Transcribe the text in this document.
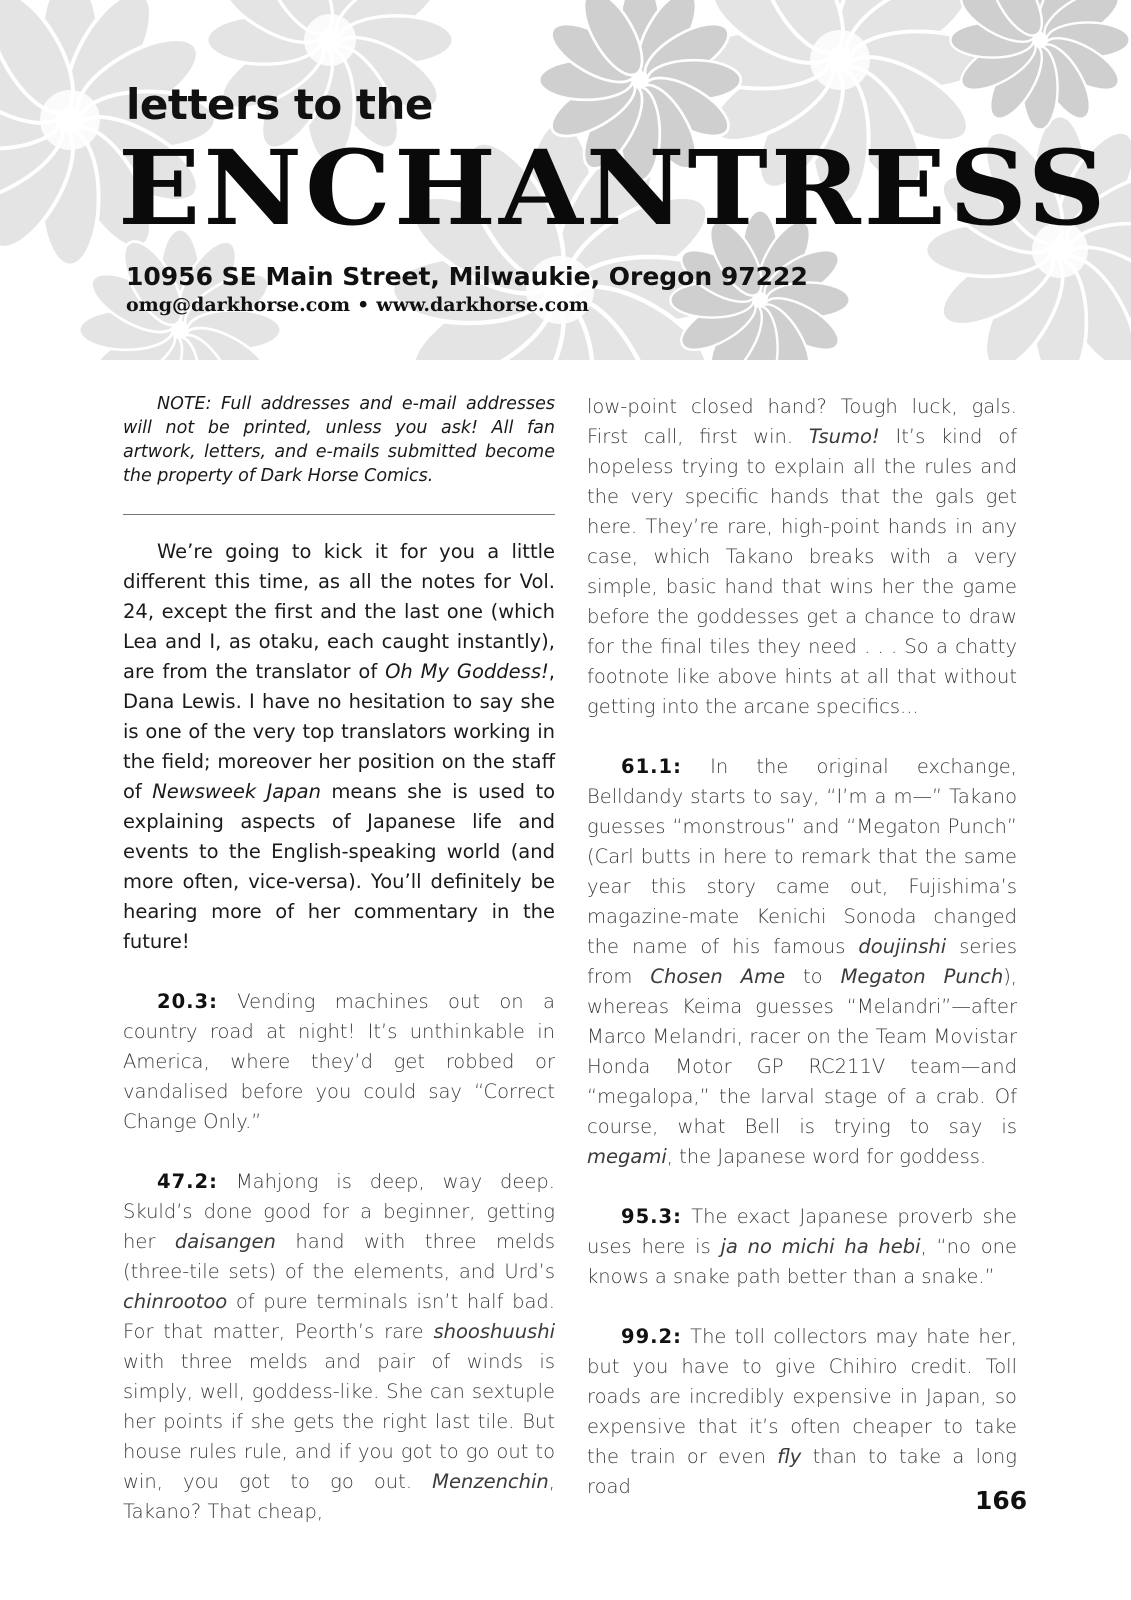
letters to the
ENCHANTRESS
10956 SE Main Street, Milwaukie, Oregon 97222
omg@darkhorse.com • www.darkhorse.com

NOTE: Full addresses and e-mail addresses will not be printed, unless you ask! All fan artwork, letters, and e-mails submitted become the property of Dark Horse Comics.

We’re going to kick it for you a little different this time, as all the notes for Vol. 24, except the first and the last one (which Lea and I, as otaku, each caught instantly), are from the translator of Oh My Goddess!, Dana Lewis. I have no hesitation to say she is one of the very top translators working in the field; moreover her position on the staff of Newsweek Japan means she is used to explaining aspects of Japanese life and events to the English-speaking world (and more often, vice-versa). You’ll definitely be hearing more of her commentary in the future!

20.3: Vending machines out on a country road at night! It’s unthinkable in America, where they’d get robbed or vandalised before you could say “Correct Change Only.”

47.2: Mahjong is deep, way deep. Skuld’s done good for a beginner, getting her daisangen hand with three melds (three-tile sets) of the elements, and Urd’s chinrootoo of pure terminals isn’t half bad. For that matter, Peorth’s rare shooshuushi with three melds and pair of winds is simply, well, goddess-like. She can sextuple her points if she gets the right last tile. But house rules rule, and if you got to go out to win, you got to go out. Menzenchin, Takano? That cheap,

low-point closed hand? Tough luck, gals. First call, first win. Tsumo! It’s kind of hopeless trying to explain all the rules and the very specific hands that the gals get here. They’re rare, high-point hands in any case, which Takano breaks with a very simple, basic hand that wins her the game before the goddesses get a chance to draw for the final tiles they need . . . So a chatty footnote like above hints at all that without getting into the arcane specifics...

61.1: In the original exchange, Belldandy starts to say, “I’m a m—” Takano guesses “monstrous” and “Megaton Punch” (Carl butts in here to remark that the same year this story came out, Fujishima’s magazine-mate Kenichi Sonoda changed the name of his famous doujinshi series from Chosen Ame to Megaton Punch), whereas Keima guesses “Melandri”—after Marco Melandri, racer on the Team Movistar Honda Motor GP RC211V team—and “megalopa,” the larval stage of a crab. Of course, what Bell is trying to say is megami, the Japanese word for goddess.

95.3: The exact Japanese proverb she uses here is ja no michi ha hebi, “no one knows a snake path better than a snake.”

99.2: The toll collectors may hate her, but you have to give Chihiro credit. Toll roads are incredibly expensive in Japan, so expensive that it’s often cheaper to take the train or even fly than to take a long road	166
